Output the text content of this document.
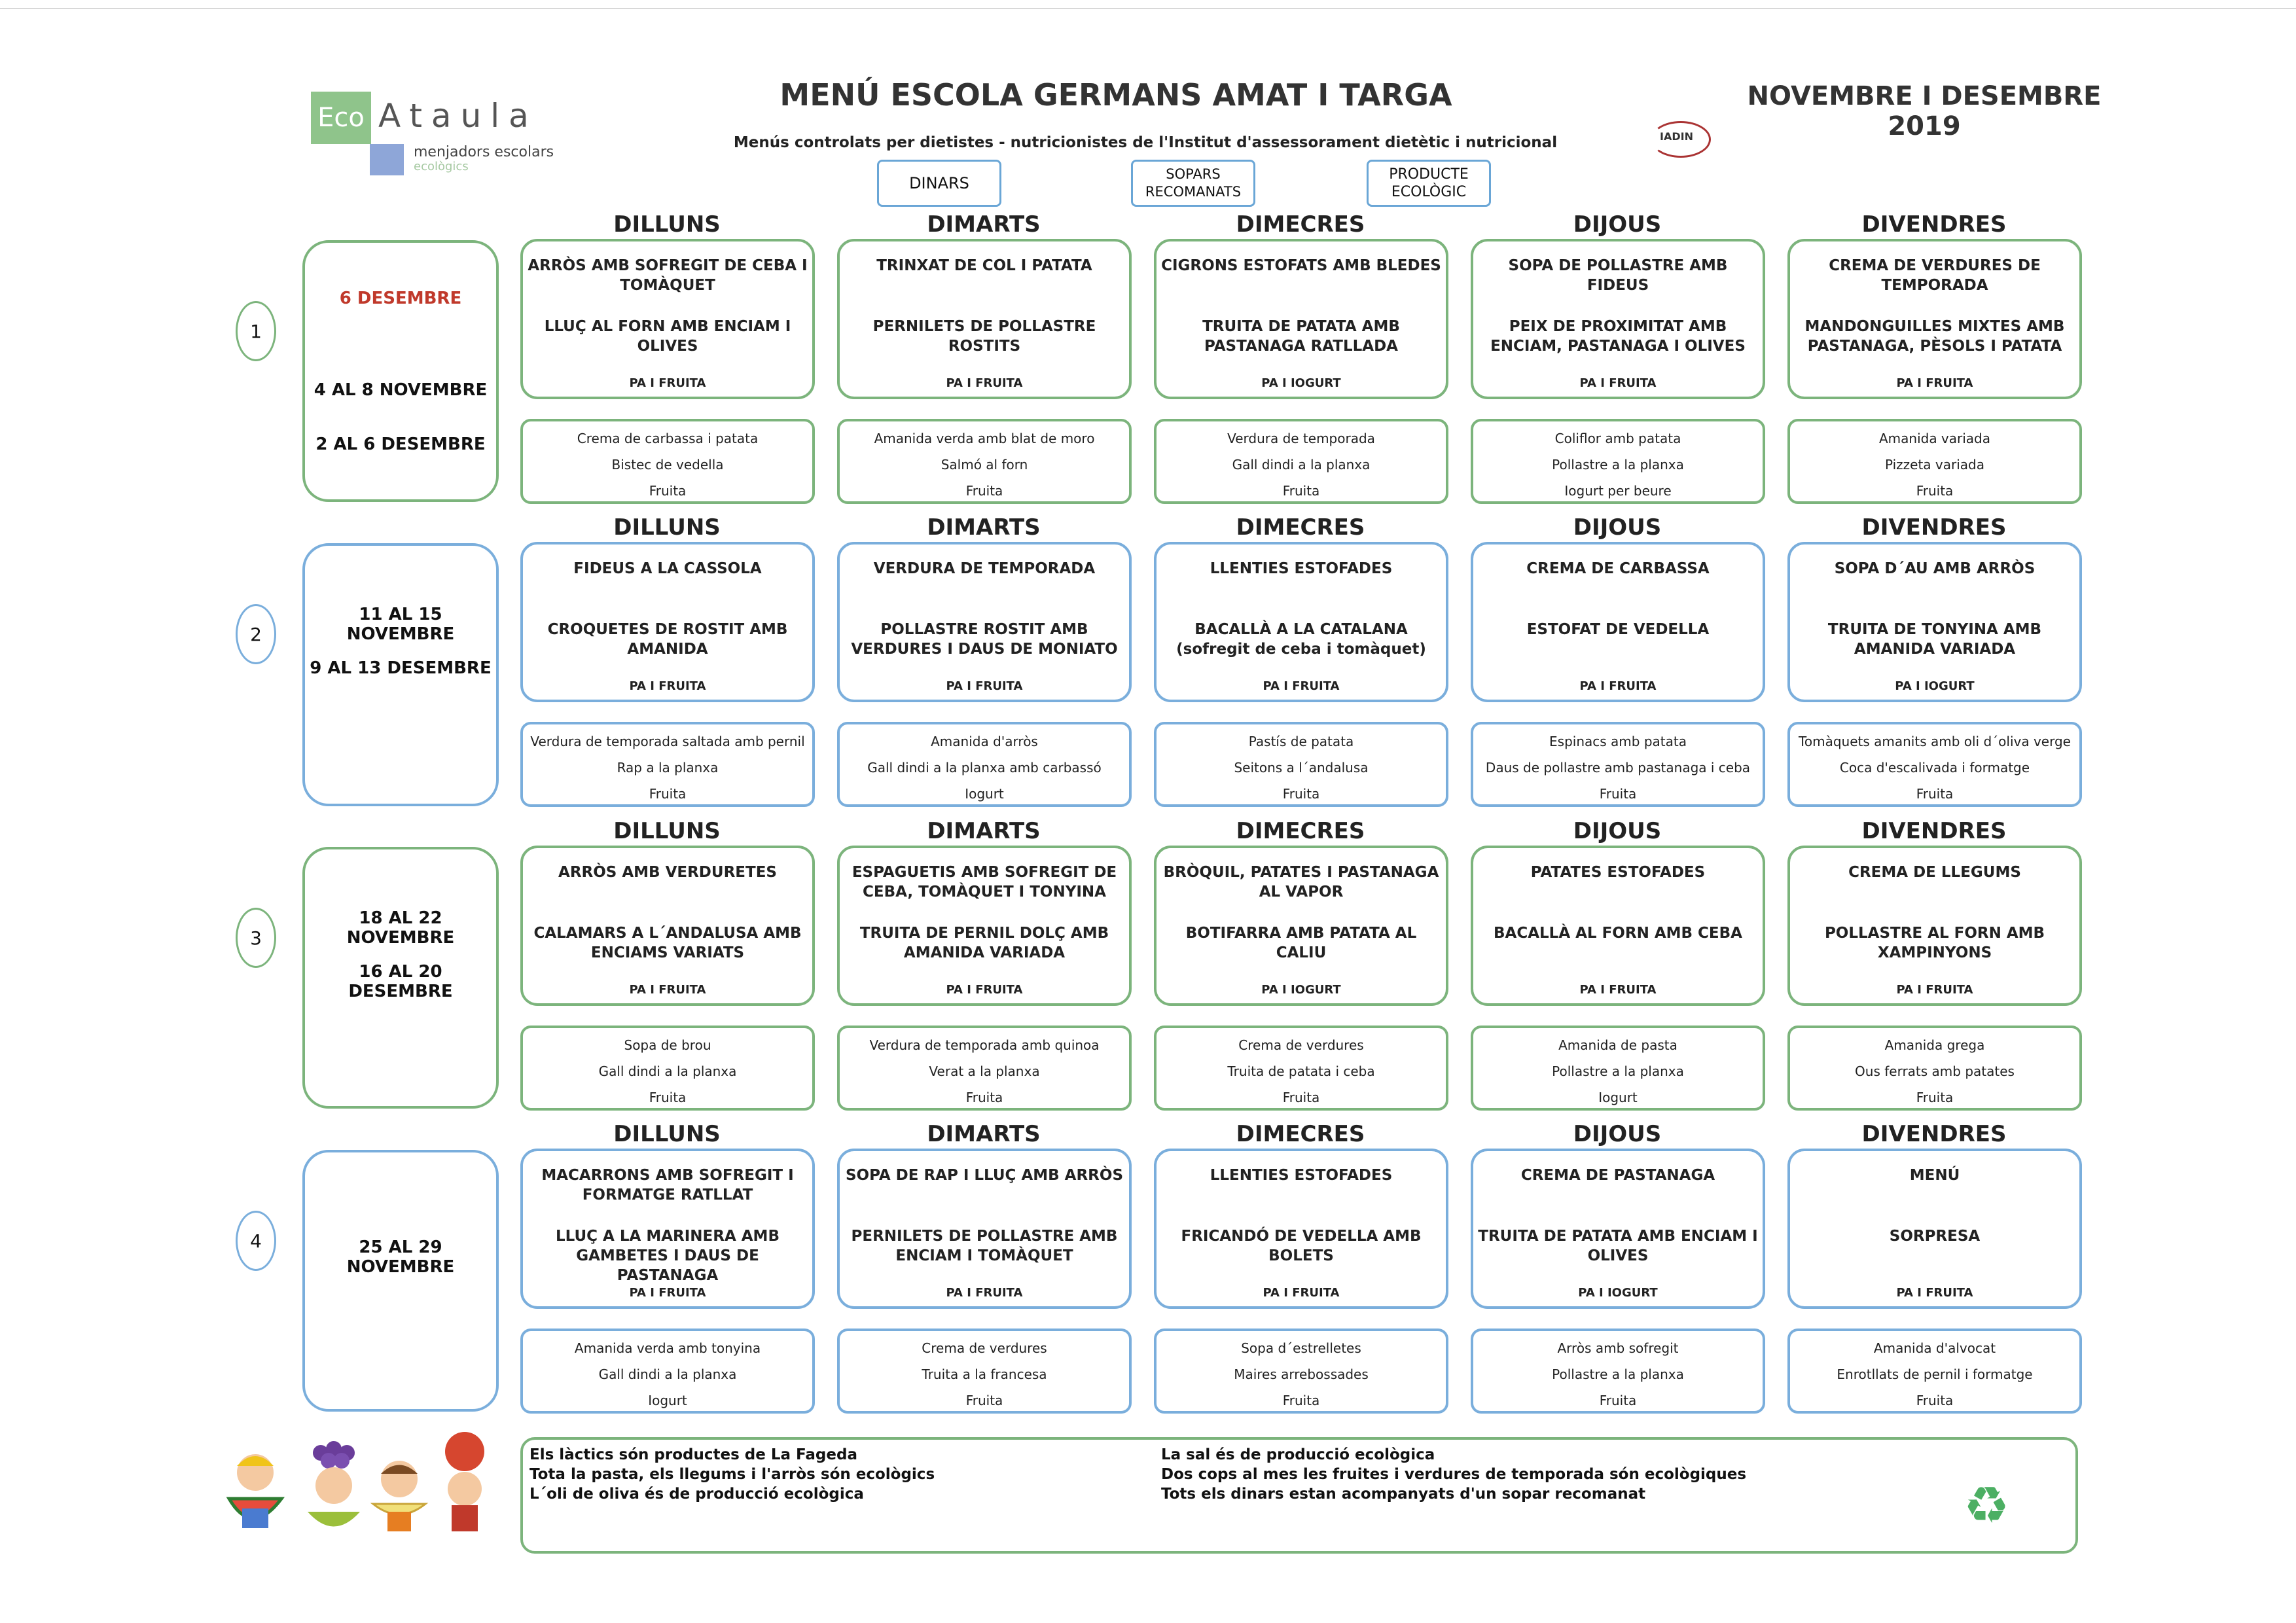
Eco Ataula
menjadors escolars
ecològics
MENÚ ESCOLA GERMANS AMAT I TARGA	NOVEMBRE I DESEMBRE 2019
Menús controlats per dietistes - nutricionistes de l'Institut d'assessorament dietètic i nutricional	IADIN
DINARS	SOPARS RECOMANATS
PRODUCTE ECOLÒGIC
6 DESEMBRE
4 AL 8 NOVEMBRE
2 AL 6 DESEMBRE
1
DILLUNS
ARRÒS AMB SOFREGIT DE CEBA I TOMÀQUET
LLUÇ AL FORN AMB ENCIAM I OLIVES
PA I FRUITA
Crema de carbassa i patata
Bistec de vedella
Fruita
DIMARTS
TRINXAT DE COL I PATATA
PERNILETS DE POLLASTRE ROSTITS
PA I FRUITA
Amanida verda amb blat de moro
Salmó al forn
Fruita
DIMECRES
CIGRONS ESTOFATS AMB BLEDES
TRUITA DE PATATA AMB PASTANAGA RATLLADA
PA I IOGURT
Verdura de temporada
Gall dindi a la planxa
Fruita
DIJOUS
SOPA DE POLLASTRE AMB FIDEUS
PEIX DE PROXIMITAT AMB ENCIAM, PASTANAGA I OLIVES
PA I FRUITA
Coliflor amb patata
Pollastre a la planxa
Iogurt per beure
DIVENDRES
CREMA DE VERDURES DE TEMPORADA
MANDONGUILLES MIXTES AMB PASTANAGA, PÈSOLS I PATATA
PA I FRUITA
Amanida variada
Pizzeta variada
Fruita
11 AL 15 NOVEMBRE
9 AL 13 DESEMBRE
2
DILLUNS
FIDEUS A LA CASSOLA
CROQUETES DE ROSTIT AMB AMANIDA
PA I FRUITA
Verdura de temporada saltada amb pernil
Rap a la planxa
Fruita
DIMARTS
VERDURA DE TEMPORADA
POLLASTRE ROSTIT AMB VERDURES I DAUS DE MONIATO
PA I FRUITA
Amanida d'arròs
Gall dindi a la planxa amb carbassó
Iogurt
DIMECRES
LLENTIES ESTOFADES
BACALLÀ A LA CATALANA (sofregit de ceba i tomàquet)
PA I FRUITA
Pastís de patata
Seitons a l´andalusa
Fruita
DIJOUS
CREMA DE CARBASSA
ESTOFAT DE VEDELLA
PA I FRUITA
Espinacs amb patata
Daus de pollastre amb pastanaga i ceba
Fruita
DIVENDRES
SOPA D´AU AMB ARRÒS
TRUITA DE TONYINA AMB AMANIDA VARIADA
PA I IOGURT
Tomàquets amanits amb oli d´oliva verge
Coca d'escalivada i formatge
Fruita
18 AL 22 NOVEMBRE
16 AL 20 DESEMBRE
3
DILLUNS
ARRÒS AMB VERDURETES
CALAMARS A L´ANDALUSA AMB ENCIAMS VARIATS
PA I FRUITA
Sopa de brou
Gall dindi a la planxa
Fruita
DIMARTS
ESPAGUETIS AMB SOFREGIT DE CEBA, TOMÀQUET I TONYINA
TRUITA DE PERNIL DOLÇ AMB AMANIDA VARIADA
PA I FRUITA
Verdura de temporada amb quinoa
Verat a la planxa
Fruita
DIMECRES
BRÒQUIL, PATATES I PASTANAGA AL VAPOR
BOTIFARRA AMB PATATA AL CALIU
PA I IOGURT
Crema de verdures
Truita de patata i ceba
Fruita
DIJOUS
PATATES ESTOFADES
BACALLÀ AL FORN AMB CEBA
PA I FRUITA
Amanida de pasta
Pollastre a la planxa
Iogurt
DIVENDRES
CREMA DE LLEGUMS
POLLASTRE AL FORN AMB XAMPINYONS
PA I FRUITA
Amanida grega
Ous ferrats amb patates
Fruita
25 AL 29 NOVEMBRE
4
DILLUNS
MACARRONS AMB SOFREGIT I FORMATGE RATLLAT
LLUÇ A LA MARINERA AMB GAMBETES I DAUS DE PASTANAGA
PA I FRUITA
Amanida verda amb tonyina
Gall dindi a la planxa
Iogurt
DIMARTS
SOPA DE RAP I LLUÇ AMB ARRÒS
PERNILETS DE POLLASTRE AMB ENCIAM I TOMÀQUET
PA I FRUITA
Crema de verdures
Truita a la francesa
Fruita
DIMECRES
LLENTIES ESTOFADES
FRICANDÓ DE VEDELLA AMB BOLETS
PA I FRUITA
Sopa d´estrelletes
Maires arrebossades
Fruita
DIJOUS
CREMA DE PASTANAGA
TRUITA DE PATATA AMB ENCIAM I OLIVES
PA I IOGURT
Arròs amb sofregit
Pollastre a la planxa
Fruita
DIVENDRES
MENÚ
SORPRESA
PA I FRUITA
Amanida d'alvocat
Enrotllats de pernil i formatge
Fruita
Els làctics són productes de La Fageda
Tota la pasta, els llegums i l'arròs són ecològics
L´oli de oliva és de producció ecològica
La sal és de producció ecològica
Dos cops al mes les fruites i verdures de temporada són ecològiques
Tots els dinars estan acompanyats d'un sopar recomanat	♻
